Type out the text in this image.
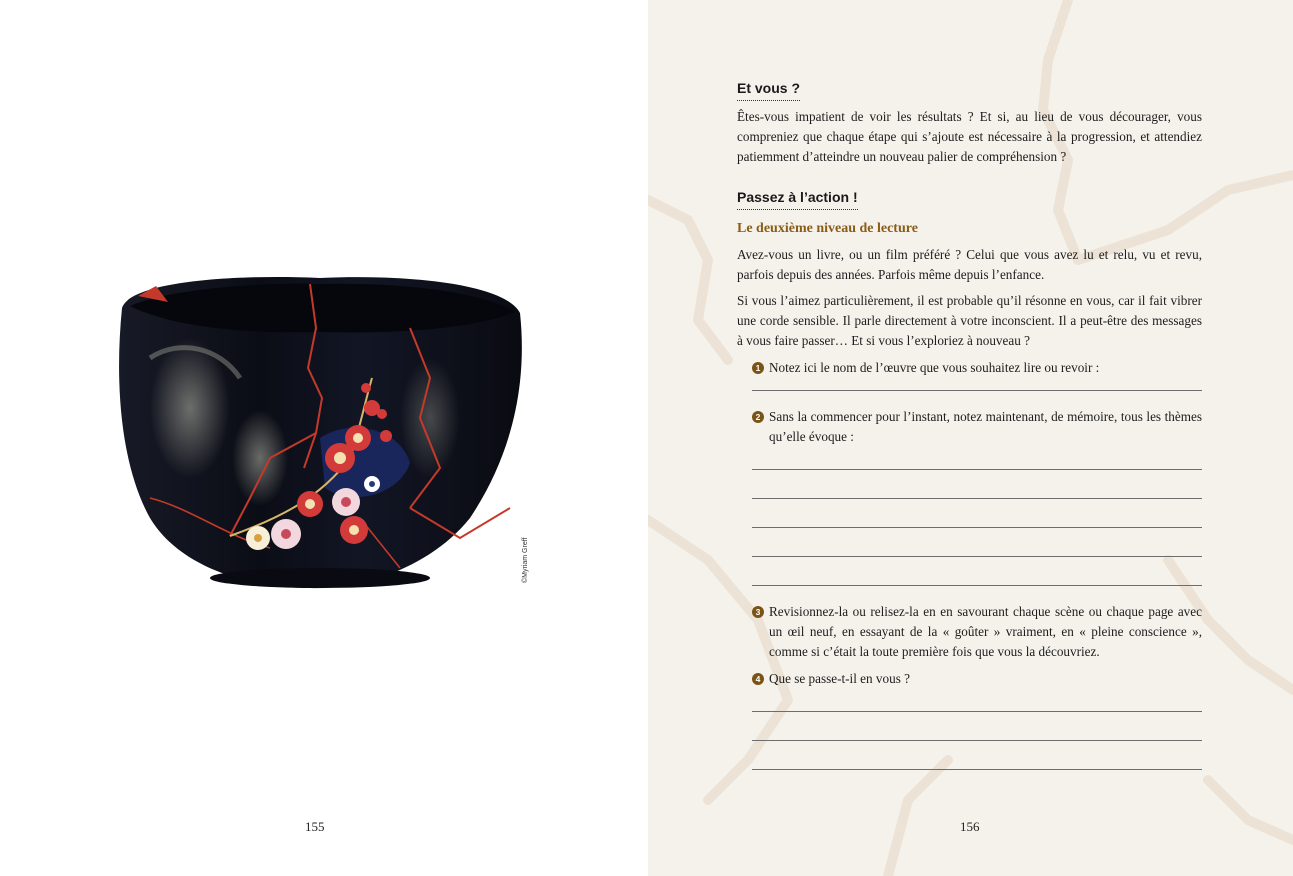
©Myriam Greff
155
Et vous ?

Êtes-vous impatient de voir les résultats ? Et si, au lieu de vous décourager, vous compreniez que chaque étape qui s’ajoute est nécessaire à la progression, et attendiez patiemment d’atteindre un nouveau palier de compréhension ?

Passez à l’action !
Le deuxième niveau de lecture

Avez-vous un livre, ou un film préféré ? Celui que vous avez lu et relu, vu et revu, parfois depuis des années. Parfois même depuis l’enfance.

Si vous l’aimez particulièrement, il est probable qu’il résonne en vous, car il fait vibrer une corde sensible. Il parle directement à votre inconscient. Il a peut-être des messages à vous faire passer… Et si vous l’exploriez à nouveau ?

1 Notez ici le nom de l’œuvre que vous souhaitez lire ou revoir :
2 Sans la commencer pour l’instant, notez maintenant, de mémoire, tous les thèmes qu’elle évoque :
3 Revisionnez-la ou relisez-la en en savourant chaque scène ou chaque page avec un œil neuf, en essayant de la « goûter » vraiment, en « pleine conscience », comme si c’était la toute première fois que vous la découvriez.
4 Que se passe-t-il en vous ?
156
